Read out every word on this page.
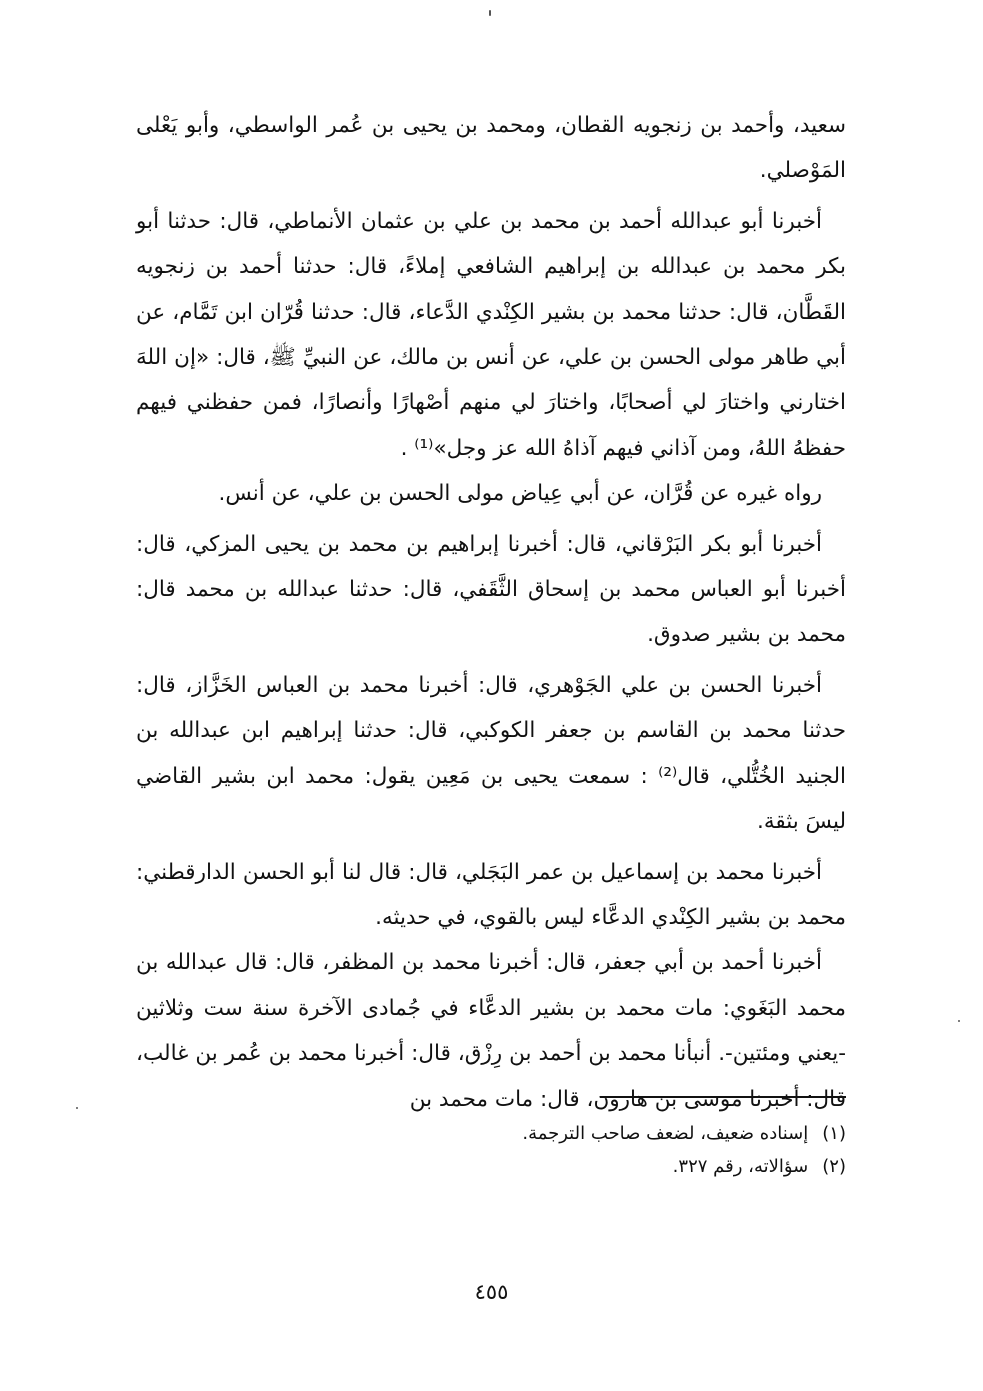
سعيد، وأحمد بن زنجويه القطان، ومحمد بن يحيى بن عُمر الواسطي، وأبو يَعْلى المَوْصلي.

أخبرنا أبو عبدالله أحمد بن محمد بن علي بن عثمان الأنماطي، قال: حدثنا أبو بكر محمد بن عبدالله بن إبراهيم الشافعي إملاءً، قال: حدثنا أحمد بن زنجويه القَطَّان، قال: حدثنا محمد بن بشير الكِنْدي الدَّعاء، قال: حدثنا قُرّان ابن تَمَّام، عن أبي طاهر مولى الحسن بن علي، عن أنس بن مالك، عن النبيِّ ﷺ، قال: «إن اللهَ اختارني واختارَ لي أصحابًا، واختارَ لي منهم أصْهارًا وأنصارًا، فمن حفظني فيهم حفظهُ اللهُ، ومن آذاني فيهم آذاهُ الله عز وجل»⁽¹⁾ .

رواه غيره عن قُرَّان، عن أبي عِياض مولى الحسن بن علي، عن أنس.

أخبرنا أبو بكر البَرْقاني، قال: أخبرنا إبراهيم بن محمد بن يحيى المزكي، قال: أخبرنا أبو العباس محمد بن إسحاق الثَّقَفي، قال: حدثنا عبدالله بن محمد قال: محمد بن بشير صدوق.

أخبرنا الحسن بن علي الجَوْهري، قال: أخبرنا محمد بن العباس الخَزَّاز، قال: حدثنا محمد بن القاسم بن جعفر الكوكبي، قال: حدثنا إبراهيم ابن عبدالله بن الجنيد الخُتُّلي، قال⁽²⁾ : سمعت يحيى بن مَعِين يقول: محمد ابن بشير القاضي ليسَ بثقة.

أخبرنا محمد بن إسماعيل بن عمر البَجَلي، قال: قال لنا أبو الحسن الدارقطني: محمد بن بشير الكِنْدي الدعَّاء ليس بالقوي، في حديثه.

أخبرنا أحمد بن أبي جعفر، قال: أخبرنا محمد بن المظفر، قال: قال عبدالله بن محمد البَغَوي: مات محمد بن بشير الدعَّاء في جُمادى الآخرة سنة ست وثلاثين -يعني ومئتين-. أنبأنا محمد بن أحمد بن رِزْق، قال: أخبرنا محمد بن عُمر بن غالب، قال: أخبرنا موسى بن هارون، قال: مات محمد بن

(١)إسناده ضعيف، لضعف صاحب الترجمة.

(٢)سؤالاته، رقم ٣٢٧.

٤٥٥
